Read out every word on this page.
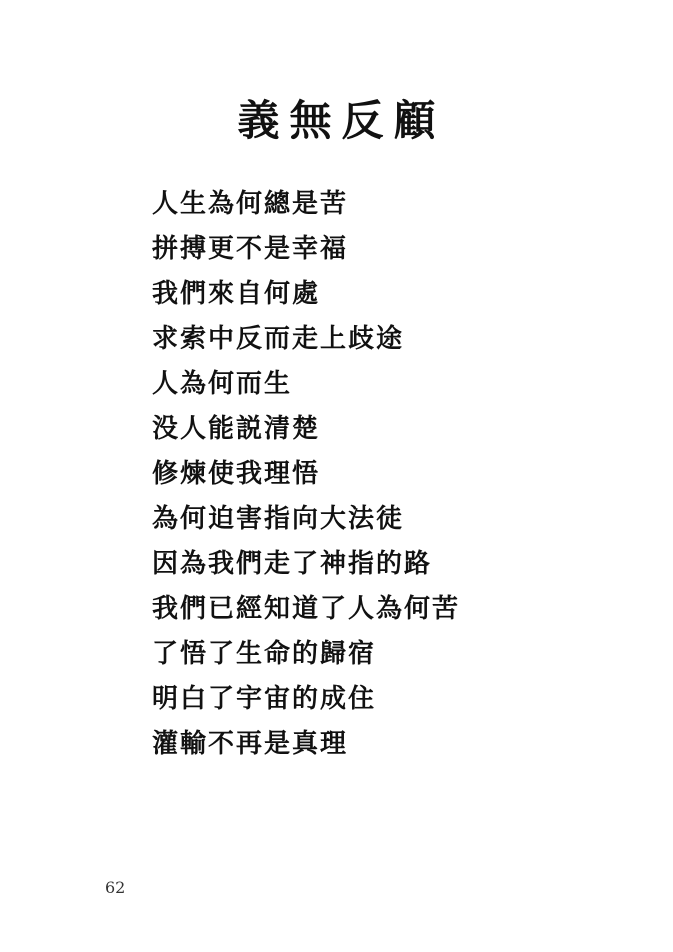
義無反顧
人生為何總是苦
拼搏更不是幸福
我們來自何處
求索中反而走上歧途
人為何而生
没人能説清楚
修煉使我理悟
為何迫害指向大法徒
因為我們走了神指的路
我們已經知道了人為何苦
了悟了生命的歸宿
明白了宇宙的成住
灌輸不再是真理
62
